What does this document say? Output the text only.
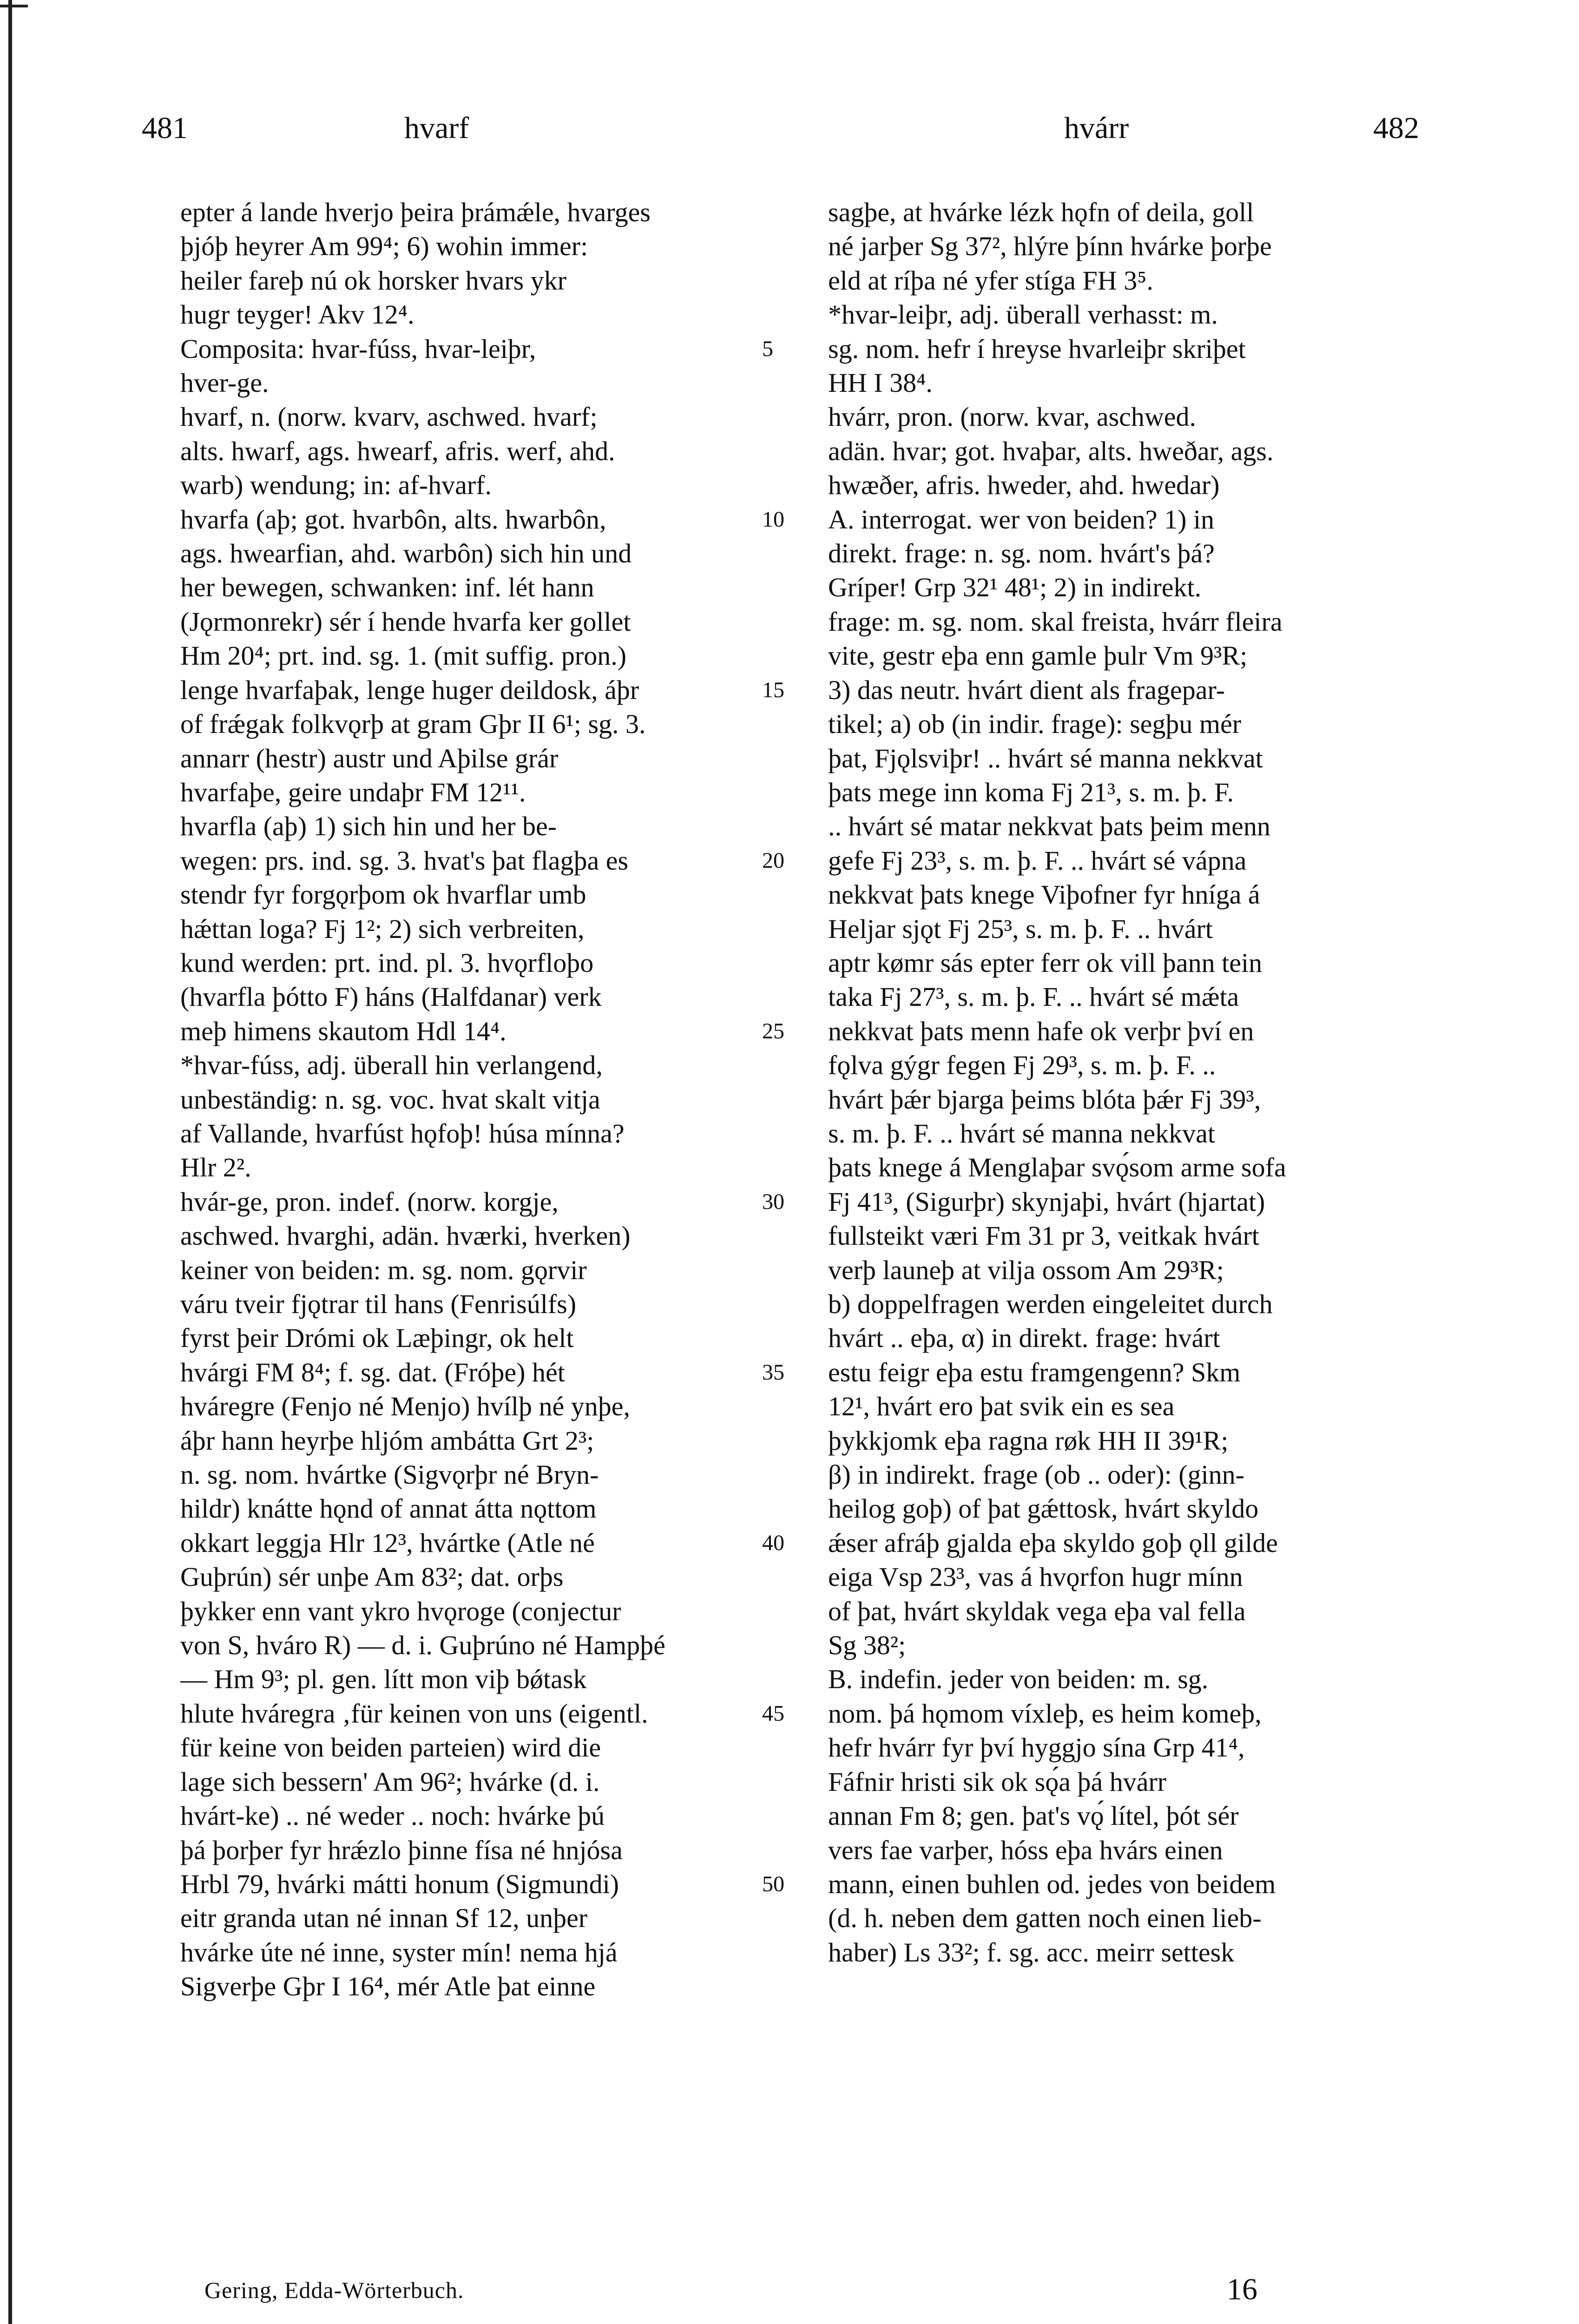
481	hvarf	hvárr	482
epter á lande hverjo þeira þrámǽle, hvarges
þjóþ heyrer Am 99⁴; 6) wohin immer:
heiler fareþ nú ok horsker hvars ykr
hugr teyger! Akv 12⁴.
Composita: hvar-fúss, hvar-leiþr,
hver-ge.
hvarf, n. (norw. kvarv, aschwed. hvarf;
alts. hwarf, ags. hwearf, afris. werf, ahd.
warb) wendung; in: af-hvarf.
hvarfa (aþ; got. hvarbôn, alts. hwarbôn,
ags. hwearfian, ahd. warbôn) sich hin und
her bewegen, schwanken: inf. lét hann
(Jǫrmonrekr) sér í hende hvarfa ker gollet
Hm 20⁴; prt. ind. sg. 1. (mit suffig. pron.)
lenge hvarfaþak, lenge huger deildosk, áþr
of frǽgak folkvǫrþ at gram Gþr II 6¹; sg. 3.
annarr (hestr) austr und Aþilse grár
hvarfaþe, geire undaþr FM 12¹¹.
hvarfla (aþ) 1) sich hin und her be-
wegen: prs. ind. sg. 3. hvat's þat flagþa es
stendr fyr forgǫrþom ok hvarflar umb
hǽttan loga? Fj 1²; 2) sich verbreiten,
kund werden: prt. ind. pl. 3. hvǫrfloþo
(hvarfla þótto F) háns (Halfdanar) verk
meþ himens skautom Hdl 14⁴.
*hvar-fúss, adj. überall hin verlangend,
unbeständig: n. sg. voc. hvat skalt vitja
af Vallande, hvarfúst hǫfoþ! húsa mínna?
Hlr 2².
hvár-ge, pron. indef. (norw. korgje,
aschwed. hvarghi, adän. hværki, hverken)
keiner von beiden: m. sg. nom. gǫrvir
váru tveir fjǫtrar til hans (Fenrisúlfs)
fyrst þeir Drómi ok Læþingr, ok helt
hvárgi FM 8⁴; f. sg. dat. (Fróþe) hét
hváregre (Fenjo né Menjo) hvílþ né ynþe,
áþr hann heyrþe hljóm ambátta Grt 2³;
n. sg. nom. hvártke (Sigvǫrþr né Bryn-
hildr) knátte hǫnd of annat átta nǫttom
okkart leggja Hlr 12³, hvártke (Atle né
Guþrún) sér unþe Am 83²; dat. orþs
þykker enn vant ykro hvǫroge (conjectur
von S, hváro R) — d. i. Guþrúno né Hampþé
— Hm 9³; pl. gen. lítt mon viþ bǿtask
hlute hváregra ‚für keinen von uns (eigentl.
für keine von beiden parteien) wird die
lage sich bessern' Am 96²; hvárke (d. i.
hvárt-ke) .. né weder .. noch: hvárke þú
þá þorþer fyr hrǽzlo þinne físa né hnjósa
Hrbl 79, hvárki mátti honum (Sigmundi)
eitr granda utan né innan Sf 12, unþer
hvárke úte né inne, syster mín! nema hjá
Sigverþe Gþr I 16⁴, mér Atle þat einne
5
10
15
20
25
30
35
40
45
50
sagþe, at hvárke lézk hǫfn of deila, goll
né jarþer Sg 37², hlýre þínn hvárke þorþe
eld at ríþa né yfer stíga FH 3⁵.
*hvar-leiþr, adj. überall verhasst: m.
sg. nom. hefr í hreyse hvarleiþr skriþet
HH I 38⁴.
hvárr, pron. (norw. kvar, aschwed.
adän. hvar; got. hvaþar, alts. hweðar, ags.
hwæðer, afris. hweder, ahd. hwedar)
A. interrogat. wer von beiden? 1) in
direkt. frage: n. sg. nom. hvárt's þá?
Gríper! Grp 32¹ 48¹; 2) in indirekt.
frage: m. sg. nom. skal freista, hvárr fleira
vite, gestr eþa enn gamle þulr Vm 9³R;
3) das neutr. hvárt dient als fragepar-
tikel; a) ob (in indir. frage): segþu mér
þat, Fjǫlsviþr! .. hvárt sé manna nekkvat
þats mege inn koma Fj 21³, s. m. þ. F.
.. hvárt sé matar nekkvat þats þeim menn
gefe Fj 23³, s. m. þ. F. .. hvárt sé vápna
nekkvat þats knege Viþofner fyr hníga á
Heljar sjǫt Fj 25³, s. m. þ. F. .. hvárt
aptr kømr sás epter ferr ok vill þann tein
taka Fj 27³, s. m. þ. F. .. hvárt sé mǽta
nekkvat þats menn hafe ok verþr því en
fǫlva gýgr fegen Fj 29³, s. m. þ. F. ..
hvárt þǽr bjarga þeims blóta þǽr Fj 39³,
s. m. þ. F. .. hvárt sé manna nekkvat
þats knege á Menglaþar svǫ́som arme sofa
Fj 41³, (Sigurþr) skynjaþi, hvárt (hjartat)
fullsteikt væri Fm 31 pr 3, veitkak hvárt
verþ launeþ at vilja ossom Am 29³R;
b) doppelfragen werden eingeleitet durch
hvárt .. eþa, α) in direkt. frage: hvárt
estu feigr eþa estu framgengenn? Skm
12¹, hvárt ero þat svik ein es sea
þykkjomk eþa ragna røk HH II 39¹R;
β) in indirekt. frage (ob .. oder): (ginn-
heilog goþ) of þat gǽttosk, hvárt skyldo
ǽser afráþ gjalda eþa skyldo goþ ǫll gilde
eiga Vsp 23³, vas á hvǫrfon hugr mínn
of þat, hvárt skyldak vega eþa val fella
Sg 38²;
B. indefin. jeder von beiden: m. sg.
nom. þá hǫmom víxleþ, es heim komeþ,
hefr hvárr fyr því hyggjo sína Grp 41⁴,
Fáfnir hristi sik ok sǫ́a þá hvárr
annan Fm 8; gen. þat's vǫ́ lítel, þót sér
vers fae varþer, hóss eþa hvárs einen
mann, einen buhlen od. jedes von beidem
(d. h. neben dem gatten noch einen lieb-
haber) Ls 33²; f. sg. acc. meirr settesk
Gering, Edda-Wörterbuch.	16
